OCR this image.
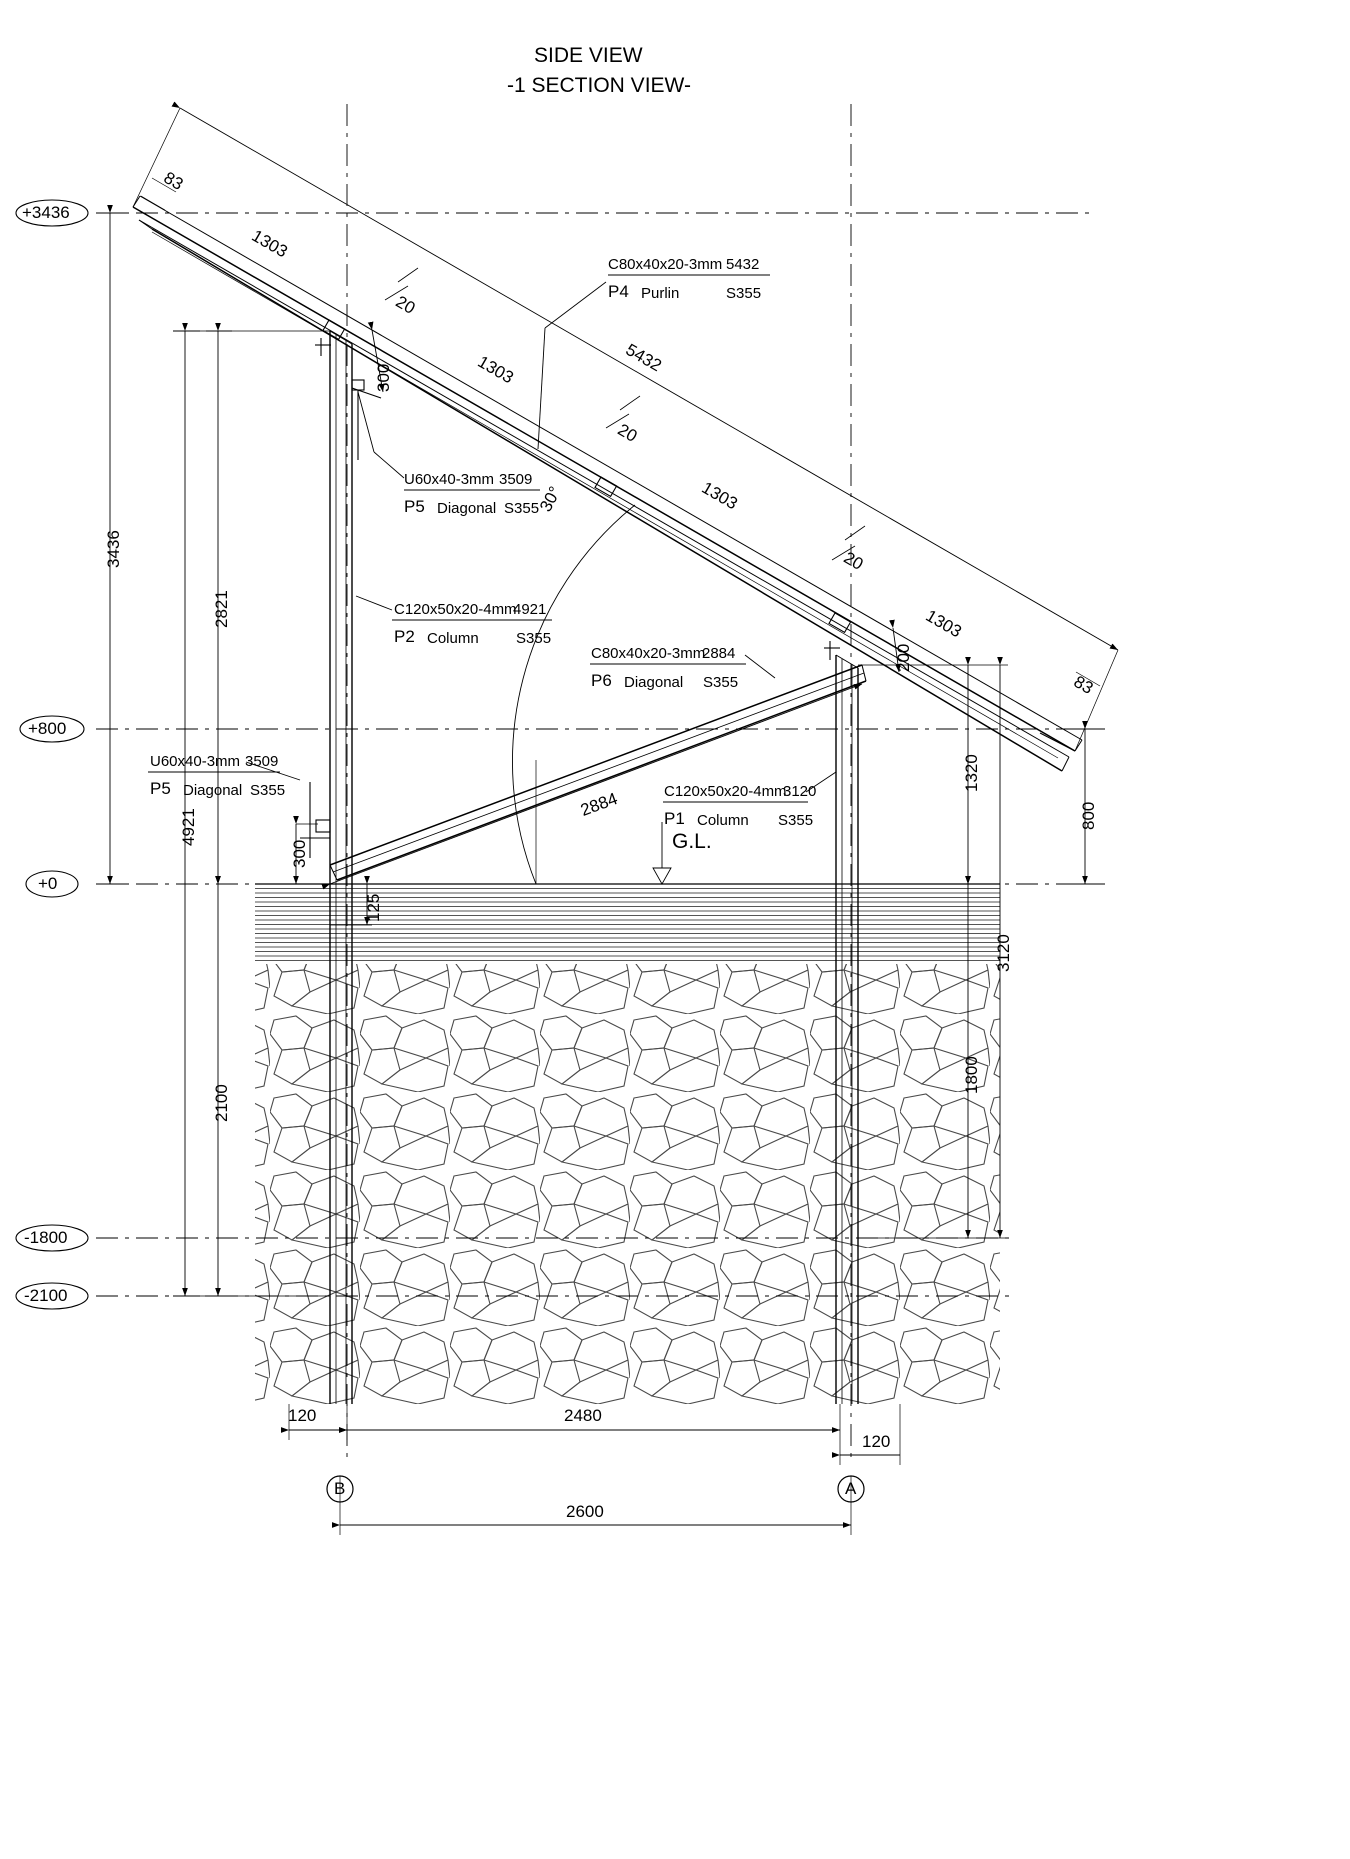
SIDE VIEW
-1 SECTION VIEW-
+3436
+800
+0
-1800
-2100
B	A
G.L.
30°
C80x40x20-3mm 5432
P4 Purlin	S355
U60x40-3mm 3509
P5 Diagonal S355
C120x50x20-4mm
4921
P2 Column S355
C80x40x20-3mm
2884
P6 Diagonal S355
U60x40-3mm 3509
P5 Diagonal S355	C120x50x20-4mm
3120
P1 Column S355
83
1303
1303
1303
1303
20
20
20
5432
83
300
200
300
125
2884
3436
2821
4921
2100
1320
800
3120
1800
120	2480
120
2600
